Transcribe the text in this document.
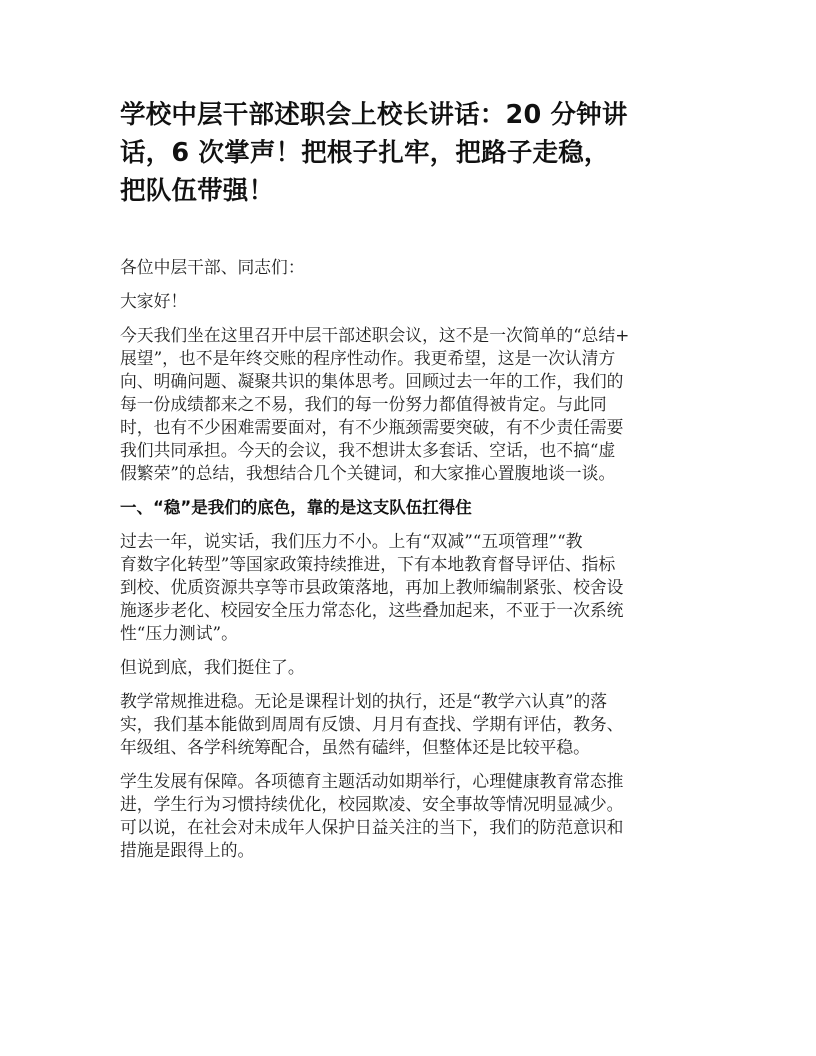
学校中层干部述职会上校长讲话：20 分钟讲
话，6 次掌声！把根子扎牢，把路子走稳，
把队伍带强！

各位中层干部、同志们：

大家好！

今天我们坐在这里召开中层干部述职会议，这不是一次简单的“总结+
展望”，也不是年终交账的程序性动作。我更希望，这是一次认清方
向、明确问题、凝聚共识的集体思考。回顾过去一年的工作，我们的
每一份成绩都来之不易，我们的每一份努力都值得被肯定。与此同
时，也有不少困难需要面对，有不少瓶颈需要突破，有不少责任需要
我们共同承担。今天的会议，我不想讲太多套话、空话，也不搞“虚
假繁荣”的总结，我想结合几个关键词，和大家推心置腹地谈一谈。

一、“稳”是我们的底色，靠的是这支队伍扛得住

过去一年，说实话，我们压力不小。上有“双减”“五项管理”“教
育数字化转型”等国家政策持续推进，下有本地教育督导评估、指标
到校、优质资源共享等市县政策落地，再加上教师编制紧张、校舍设
施逐步老化、校园安全压力常态化，这些叠加起来，不亚于一次系统
性“压力测试”。

但说到底，我们挺住了。

教学常规推进稳。无论是课程计划的执行，还是“教学六认真”的落
实，我们基本能做到周周有反馈、月月有查找、学期有评估，教务、
年级组、各学科统筹配合，虽然有磕绊，但整体还是比较平稳。

学生发展有保障。各项德育主题活动如期举行，心理健康教育常态推
进，学生行为习惯持续优化，校园欺凌、安全事故等情况明显减少。
可以说，在社会对未成年人保护日益关注的当下，我们的防范意识和
措施是跟得上的。
